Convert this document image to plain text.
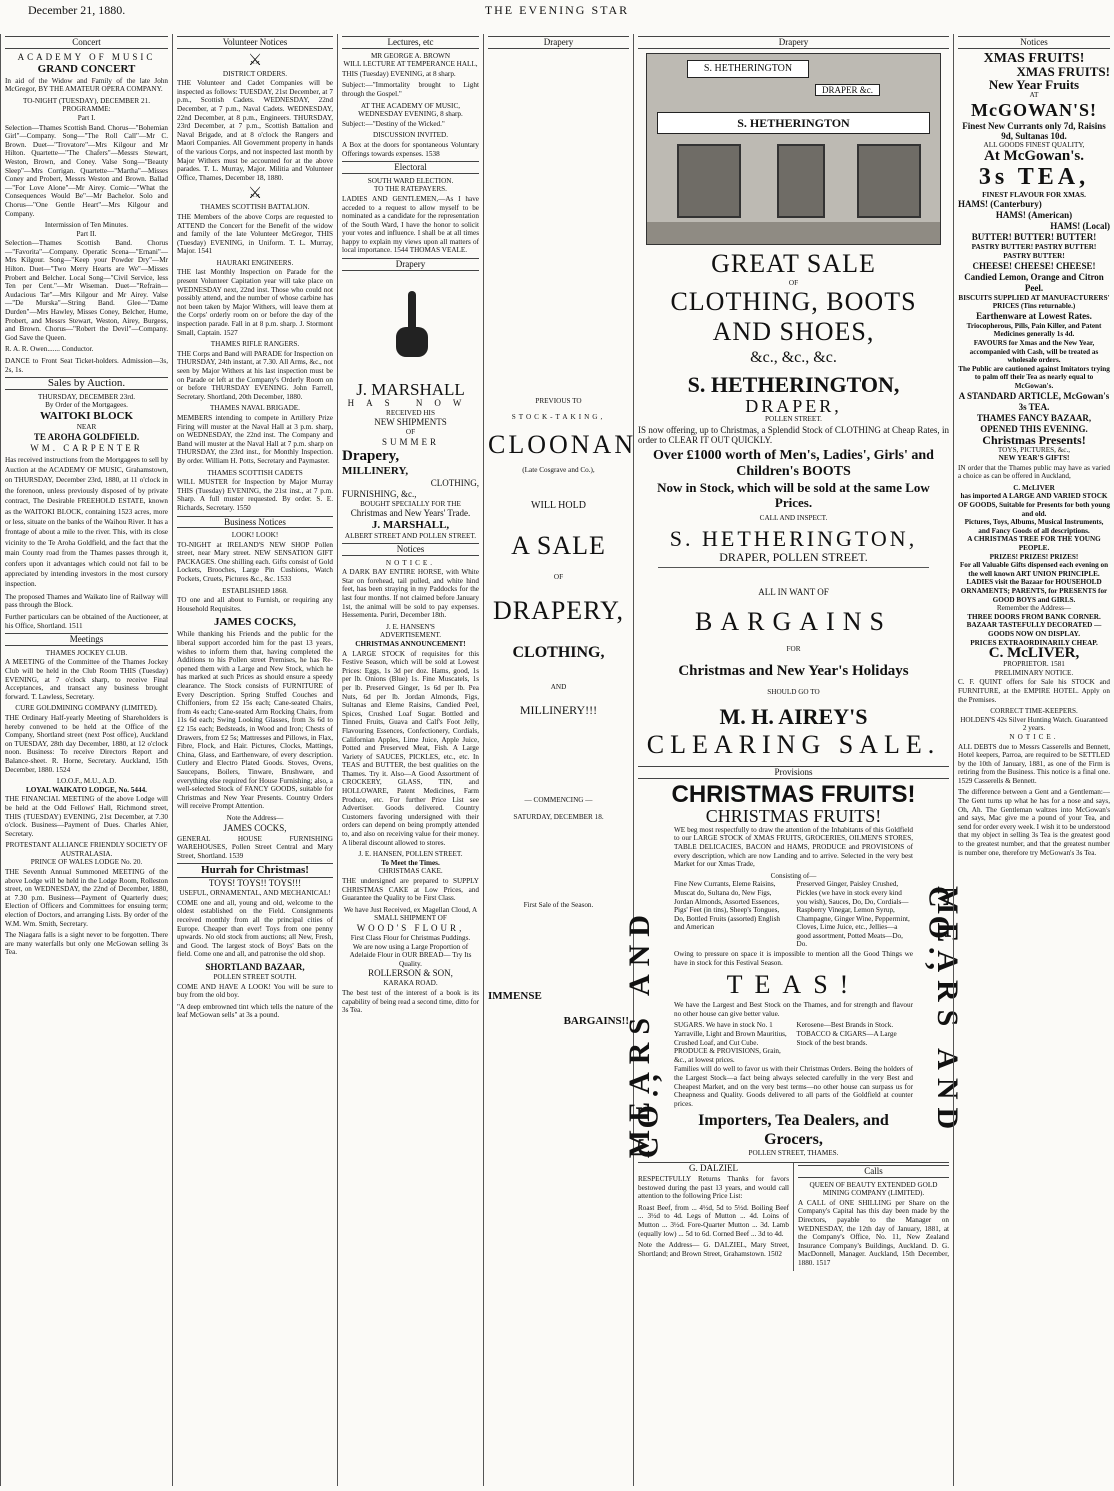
December 21, 1880.	THE EVENING STAR
Concert
ACADEMY OF MUSIC
GRAND CONCERT
In aid of the Widow and Family of the late John McGregor, BY THE AMATEUR OPERA COMPANY.
TO-NIGHT (TUESDAY), DECEMBER 21.
PROGRAMME:
Part I.
Selection—Thames Scottish Band. Chorus—"Bohemian Girl"—Company. Song—"The Roll Call"—Mr C. Brown. Duet—"Trovatore"—Mrs Kilgour and Mr Hilton. Quartette—"The Chafers"—Messrs Stewart, Weston, Brown, and Coney. Valse Song—"Beauty Sleep"—Mrs Corrigan. Quartette—"Martha"—Misses Coney and Probert, Messrs Weston and Brown. Ballad—"For Love Alone"—Mr Airey. Comic—"What the Consequences Would Be"—Mr Bachelor. Solo and Chorus—"One Gentle Heart"—Mrs Kilgour and Company.
Intermission of Ten Minutes.
Part II.
Selection—Thames Scottish Band. Chorus—"Favorita"—Company. Operatic Scena—"Ernani"—Mrs Kilgour. Song—"Keep your Powder Dry"—Mr Hilton. Duet—"Two Merry Hearts are We"—Misses Probert and Belcher. Local Song—"Civil Service, less Ten per Cent."—Mr Wiseman. Duet—"Refrain—Audacious Tar"—Mrs Kilgour and Mr Airey. Valse—"De Murska"—String Band. Glee—"Dame Durden"—Mrs Hawley, Misses Coney, Belcher, Hume, Probert, and Messrs Stewart, Weston, Airey, Burgess, and Brown. Chorus—"Robert the Devil"—Company. God Save the Queen.
R. A. R. Owen....... Conductor.
DANCE to Front Seat Ticket-holders. Admission—3s, 2s, 1s.
Sales by Auction.
THURSDAY, DECEMBER 23rd.
By Order of the Mortgagees.
WAITOKI BLOCK
NEAR
TE AROHA GOLDFIELD.
WM. CARPENTER
Has received instructions from the Mortgagees to sell by Auction at the ACADEMY OF MUSIC, Grahamstown, on THURSDAY, December 23rd, 1880, at 11 o'clock in the forenoon, unless previously disposed of by private contract, The Desirable FREEHOLD ESTATE, known as the WAITOKI BLOCK, containing 1523 acres, more or less, situate on the banks of the Waihou River. It has a frontage of about a mile to the river. This, with its close vicinity to the Te Aroha Goldfield, and the fact that the main County road from the Thames passes through it, confers upon it advantages which could not fail to be appreciated by intending investors in the most cursory inspection.
The proposed Thames and Waikato line of Railway will pass through the Block.
Further particulars can be obtained of the Auctioneer, at his Office, Shortland. 1511
Meetings
THAMES JOCKEY CLUB.
A MEETING of the Committee of the Thames Jockey Club will be held in the Club Room THIS (Tuesday) EVENING, at 7 o'clock sharp, to receive Final Acceptances, and transact any business brought forward. T. Lawless, Secretary.
CURE GOLDMINING COMPANY (LIMITED).
THE Ordinary Half-yearly Meeting of Shareholders is hereby convened to be held at the Office of the Company, Shortland street (next Post office), Auckland on TUESDAY, 28th day December, 1880, at 12 o'clock noon. Business: To receive Directors Report and Balance-sheet. R. Horne, Secretary. Auckland, 15th December, 1880. 1524
I.O.O.F., M.U., A.D.
LOYAL WAIKATO LODGE, No. 5444.
THE FINANCIAL MEETING of the above Lodge will be held at the Odd Fellows' Hall, Richmond street, THIS (TUESDAY) EVENING, 21st December, at 7.30 o'clock. Business—Payment of Dues. Charles Ahier, Secretary.
PROTESTANT ALLIANCE FRIENDLY SOCIETY OF AUSTRALASIA.
PRINCE OF WALES LODGE No. 20.
THE Seventh Annual Summoned MEETING of the above Lodge will be held in the Lodge Room, Rolleston street, on WEDNESDAY, the 22nd of December, 1880, at 7.30 p.m. Business—Payment of Quarterly dues; Election of Officers and Committees for ensuing term; election of Doctors, and arranging Lists. By order of the W.M. Wm. Smith, Secretary.
The Niagara falls is a sight never to be forgotten. There are many waterfalls but only one McGowan selling 3s Tea.
Volunteer Notices
⚔
DISTRICT ORDERS.
THE Volunteer and Cadet Companies will be inspected as follows: TUESDAY, 21st December, at 7 p.m., Scottish Cadets. WEDNESDAY, 22nd December, at 7 p.m., Naval Cadets. WEDNESDAY, 22nd December, at 8 p.m., Engineers. THURSDAY, 23rd December, at 7 p.m., Scottish Battalion and Naval Brigade, and at 8 o'clock the Rangers and Maori Companies. All Government property in hands of the various Corps, and not inspected last month by Major Withers must be accounted for at the above parades. T. L. Murray, Major. Militia and Volunteer Office, Thames, December 18, 1880.
⚔
THAMES SCOTTISH BATTALION.
THE Members of the above Corps are requested to ATTEND the Concert for the Benefit of the widow and family of the late Volunteer McGregor, THIS (Tuesday) EVENING, in Uniform. T. L. Murray, Major. 1541
HAURAKI ENGINEERS.
THE last Monthly Inspection on Parade for the present Volunteer Capitation year will take place on WEDNESDAY next, 22nd inst. Those who could not possibly attend, and the number of whose carbine has not been taken by Major Withers, will leave them at the Corps' orderly room on or before the day of the inspection parade. Fall in at 8 p.m. sharp. J. Stormont Small, Captain. 1527
THAMES RIFLE RANGERS.
THE Corps and Band will PARADE for Inspection on THURSDAY, 24th instant, at 7.30. All Arms, &c., not seen by Major Withers at his last inspection must be on Parade or left at the Company's Orderly Room on or before THURSDAY EVENING. John Farrell, Secretary. Shortland, 20th December, 1880.
THAMES NAVAL BRIGADE.
MEMBERS intending to compete in Artillery Prize Firing will muster at the Naval Hall at 3 p.m. sharp, on WEDNESDAY, the 22nd inst. The Company and Band will muster at the Naval Hall at 7 p.m. sharp on THURSDAY, the 23rd inst., for Monthly Inspection. By order. William H. Potts, Secretary and Paymaster.
THAMES SCOTTISH CADETS
WILL MUSTER for Inspection by Major Murray THIS (Tuesday) EVENING, the 21st inst., at 7 p.m. Sharp. A full muster requested. By order. S. E. Richards, Secretary. 1550
Business Notices
LOOK! LOOK!
TO-NIGHT at IRELAND'S NEW SHOP Pollen street, near Mary street. NEW SENSATION GIFT PACKAGES. One shilling each. Gifts consist of Gold Lockets, Brooches, Large Pin Cushions, Watch Pockets, Cruets, Pictures &c., &c. 1533
ESTABLISHED 1868.
TO one and all about to Furnish, or requiring any Household Requisites.
JAMES COCKS,
While thanking his Friends and the public for the liberal support accorded him for the past 13 years, wishes to inform them that, having completed the Additions to his Pollen street Premises, he has Re-opened them with a Large and New Stock, which he has marked at such Prices as should ensure a speedy clearance. The Stock consists of FURNITURE of Every Description. Spring Stuffed Couches and Chiffoniers, from £2 15s each; Cane-seated Chairs, from 4s each; Cane-seated Arm Rocking Chairs, from 11s 6d each; Swing Looking Glasses, from 3s 6d to £2 15s each; Bedsteads, in Wood and Iron; Chests of Drawers, from £2 5s; Mattresses and Pillows, in Flax, Fibre, Flock, and Hair. Pictures, Clocks, Mattings, China, Glass, and Earthenware, of every description. Cutlery and Electro Plated Goods. Stoves, Ovens, Saucepans, Boilers, Tinware, Brushware, and everything else required for House Furnishing; also, a well-selected Stock of FANCY GOODS, suitable for Christmas and New Year Presents. Country Orders will receive Prompt Attention.
Note the Address—
JAMES COCKS,
GENERAL HOUSE FURNISHING WAREHOUSES, Pollen Street Central and Mary Street, Shortland. 1539
Hurrah for Christmas!
TOYS! TOYS!! TOYS!!!
USEFUL, ORNAMENTAL, AND MECHANICAL!
COME one and all, young and old, welcome to the oldest established on the Field. Consignments received monthly from all the principal cities of Europe. Cheaper than ever! Toys from one penny upwards. No old stock from auctions; all New, Fresh, and Good. The largest stock of Boys' Bats on the field. Come one and all, and patronise the old shop.
SHORTLAND BAZAAR,
POLLEN STREET SOUTH.
COME AND HAVE A LOOK! You will be sure to buy from the old boy.
"A deep embrowned tint which tells the nature of the leaf McGowan sells" at 3s a pound.
Lectures, etc
MR GEORGE A. BROWN
WILL LECTURE AT TEMPERANCE HALL,
THIS (Tuesday) EVENING, at 8 sharp.
Subject:—"Immortality brought to Light through the Gospel."
AT THE ACADEMY OF MUSIC, WEDNESDAY EVENING, 8 sharp.
Subject:—"Destiny of the Wicked."
DISCUSSION INVITED.
A Box at the doors for spontaneous Voluntary Offerings towards expenses. 1538
Electoral
SOUTH WARD ELECTION.
TO THE RATEPAYERS.
LADIES AND GENTLEMEN,—As I have acceded to a request to allow myself to be nominated as a candidate for the representation of the South Ward, I have the honor to solicit your votes and influence. I shall be at all times happy to explain my views upon all matters of local importance. 1544 THOMAS VEALE.
Drapery
J. MARSHALL
HAS NOW
RECEIVED HIS
NEW SHIPMENTS
OF
SUMMER
Drapery,
MILLINERY,
CLOTHING,
FURNISHING, &c.,
BOUGHT SPECIALLY FOR THE
Christmas and New Years' Trade.
J. MARSHALL,
ALBERT STREET AND POLLEN STREET.
Notices
NOTICE.
A DARK BAY ENTIRE HORSE, with White Star on forehead, tail pulled, and white hind feet, has been straying in my Paddocks for the last four months. If not claimed before January 1st, the animal will be sold to pay expenses. Hessementa. Puriri, December 18th.
J. E. HANSEN'S
ADVERTISEMENT.
CHRISTMAS ANNOUNCEMENT!
A LARGE STOCK of requisites for this Festive Season, which will be sold at Lowest Prices: Eggs, 1s 3d per doz. Hams, good, 1s per lb. Onions (Blue) 1s. Fine Muscatels, 1s per lb. Preserved Ginger, 1s 6d per lb. Pea Nuts, 6d per lb. Jordan Almonds, Figs, Sultanas and Eleme Raisins, Candied Peel, Spices, Crushed Loaf Sugar. Bottled and Tinned Fruits, Guava and Calf's Foot Jelly, Flavouring Essences, Confectionery, Cordials, Californian Apples, Lime Juice, Apple Juice, Potted and Preserved Meat, Fish. A Large Variety of SAUCES, PICKLES, etc., etc. In TEAS and BUTTER, the best qualities on the Thames. Try it. Also—A Good Assortment of CROCKERY, GLASS, TIN, and HOLLOWARE, Patent Medicines, Farm Produce, etc. For further Price List see Advertiser. Goods delivered. Country Customers favoring undersigned with their orders can depend on being promptly attended to, and also on receiving value for their money. A liberal discount allowed to stores.
J. E. HANSEN, POLLEN STREET.
To Meet the Times.
CHRISTMAS CAKE.
THE undersigned are prepared to SUPPLY CHRISTMAS CAKE at Low Prices, and Guarantee the Quality to be First Class.
We have Just Received, ex Magellan Cloud, A SMALL SHIPMENT OF
WOOD'S FLOUR,
First Class Flour for Christmas Puddings.
We are now using a Large Proportion of Adelaide Flour in OUR BREAD— Try Its Quality.
ROLLERSON & SON,
KARAKA ROAD.
The best test of the interest of a book is its capability of being read a second time, ditto for 3s Tea.
Drapery
PREVIOUS TO
STOCK-TAKING,
CLOONAN
(Late Cosgrave and Co.),
WILL HOLD
A SALE
OF
DRAPERY,
CLOTHING,
AND
MILLINERY!!!
— COMMENCING —
SATURDAY, DECEMBER 18.
First Sale of the Season.
IMMENSE
BARGAINS!!
Drapery
S. HETHERINGTON
DRAPER &c.
S. HETHERINGTON
GREAT SALE
OF
CLOTHING, BOOTS AND SHOES,
&c., &c., &c.
S. HETHERINGTON,
DRAPER,
POLLEN STREET.
IS now offering, up to Christmas, a Splendid Stock of CLOTHING at Cheap Rates, in order to CLEAR IT OUT QUICKLY.
Over £1000 worth of Men's, Ladies', Girls' and Children's BOOTS
Now in Stock, which will be sold at the same Low Prices.
CALL AND INSPECT.
S. HETHERINGTON,
DRAPER, POLLEN STREET.
ALL IN WANT OF
BARGAINS
FOR
Christmas and New Year's Holidays
SHOULD GO TO
M. H. AIREY'S
CLEARING SALE.
Provisions
CHRISTMAS FRUITS!
CHRISTMAS FRUITS!
MEARS AND CO.,	MEARS AND CO.,
WE beg most respectfully to draw the attention of the Inhabitants of this Goldfield to our LARGE STOCK of XMAS FRUITS, GROCERIES, OILMEN'S STORES, TABLE DELICACIES, BACON and HAMS, PRODUCE and PROVISIONS of every description, which are now Landing and to arrive. Selected in the very best Market for our Xmas Trade,
Consisting of—
Fine New Currants, Eleme Raisins, Muscat do, Sultana do, New Figs, Jordan Almonds, Assorted Essences, Pigs' Feet (in tins), Sheep's Tongues, Do, Bottled Fruits (assorted) English and American
Preserved Ginger, Paisley Crushed, Pickles (we have in stock every kind you wish), Sauces, Do, Do, Cordials—Raspberry Vinegar, Lemon Syrup, Champagne, Ginger Wine, Peppermint, Cloves, Lime Juice, etc., Jellies—a good assortment, Potted Meats—Do, Do.
Owing to pressure on space it is impossible to mention all the Good Things we have in stock for this Festival Season.
TEAS!
We have the Largest and Best Stock on the Thames, and for strength and flavour no other house can give better value.
SUGARS. We have in stock No. 1 Yarraville, Light and Brown Mauritius, Crushed Loaf, and Cut Cube. PRODUCE & PROVISIONS, Grain, &c., at lowest prices.
Kerosene—Best Brands in Stock. TOBACCO & CIGARS—A Large Stock of the best brands.
Families will do well to favor us with their Christmas Orders. Being the holders of the Largest Stock—a fact being always selected carefully in the very Best and Cheapest Market, and on the very best terms—no other house can surpass us for Cheapness and Quality. Goods delivered to all parts of the Goldfield at counter prices.
Importers, Tea Dealers, and Grocers,
POLLEN STREET, THAMES.
G. DALZIEL
RESPECTFULLY Returns Thanks for favors bestowed during the past 13 years, and would call attention to the following Price List:
Roast Beef, from ... 4½d, 5d to 5½d. Boiling Beef ... 3½d to 4d. Legs of Mutton ... 4d. Loins of Mutton ... 3½d. Fore-Quarter Mutton ... 3d. Lamb (equally low) ... 5d to 6d. Corned Beef ... 3d to 4d.
Note the Address— G. DALZIEL, Mary Street, Shortland; and Brown Street, Grahamstown. 1502
Calls
QUEEN OF BEAUTY EXTENDED GOLD MINING COMPANY (LIMITED).
A CALL of ONE SHILLING per Share on the Company's Capital has this day been made by the Directors, payable to the Manager on WEDNESDAY, the 12th day of January, 1881, at the Company's Office, No. 11, New Zealand Insurance Company's Buildings, Auckland. D. G. MacDonnell, Manager. Auckland, 15th December, 1880. 1517
Notices
XMAS FRUITS!
XMAS FRUITS!
New Year Fruits
AT
McGOWAN'S!
Finest New Currants only 7d, Raisins 9d, Sultanas 10d.
ALL GOODS FINEST QUALITY,
At McGowan's.
3s TEA,
FINEST FLAVOUR FOR XMAS.
HAMS! (Canterbury)
HAMS! (American)
HAMS! (Local)
BUTTER! BUTTER! BUTTER!
PASTRY BUTTER! PASTRY BUTTER! PASTRY BUTTER!
CHEESE! CHEESE! CHEESE!
Candied Lemon, Orange and Citron Peel.
BISCUITS SUPPLIED AT MANUFACTURERS' PRICES (Tins returnable.)
Earthenware at Lowest Rates.
Triocopherous, Pills, Pain Killer, and Patent Medicines generally 1s 4d.
FAVOURS for Xmas and the New Year, accompanied with Cash, will be treated as wholesale orders.
The Public are cautioned against Imitators trying to palm off their Tea as nearly equal to McGowan's.
A STANDARD ARTICLE, McGowan's 3s TEA.
THAMES FANCY BAZAAR, OPENED THIS EVENING.
Christmas Presents!
TOYS, PICTURES, &c.,
NEW YEAR'S GIFTS!
IN order that the Thames public may have as varied a choice as can be offered in Auckland,
C. McLIVER
has imported A LARGE AND VARIED STOCK OF GOODS, Suitable for Presents for both young and old.
Pictures, Toys, Albums, Musical Instruments, and Fancy Goods of all descriptions.
A CHRISTMAS TREE FOR THE YOUNG PEOPLE.
PRIZES! PRIZES! PRIZES!
For all Valuable Gifts dispensed each evening on the well known ART UNION PRINCIPLE.
LADIES visit the Bazaar for HOUSEHOLD ORNAMENTS; PARENTS, for PRESENTS for GOOD BOYS and GIRLS.
Remember the Address—
THREE DOORS FROM BANK CORNER.
BAZAAR TASTEFULLY DECORATED —GOODS NOW ON DISPLAY.
PRICES EXTRAORDINARILY CHEAP.
C. McLIVER,
PROPRIETOR. 1581
PRELIMINARY NOTICE.
C. F. QUINT offers for Sale his STOCK and FURNITURE, at the EMPIRE HOTEL. Apply on the Premises.
CORRECT TIME-KEEPERS.
HOLDEN'S 42s Silver Hunting Watch. Guaranteed 2 years.
NOTICE.
ALL DEBTS due to Messrs Casserells and Bennett, Hotel keepers, Parroa, are required to be SETTLED by the 10th of January, 1881, as one of the Firm is retiring from the Business. This notice is a final one. 1529 Casserells & Bennett.
The difference between a Gent and a Gentleman:—The Gent turns up what he has for a nose and says, Oh, Ah. The Gentleman waltzes into McGowan's and says, Mac give me a pound of your Tea, and send for order every week. I wish it to be understood that my object in selling 3s Tea is the greatest good to the greatest number, and that the greatest number is number one, therefore try McGowan's 3s Tea.
